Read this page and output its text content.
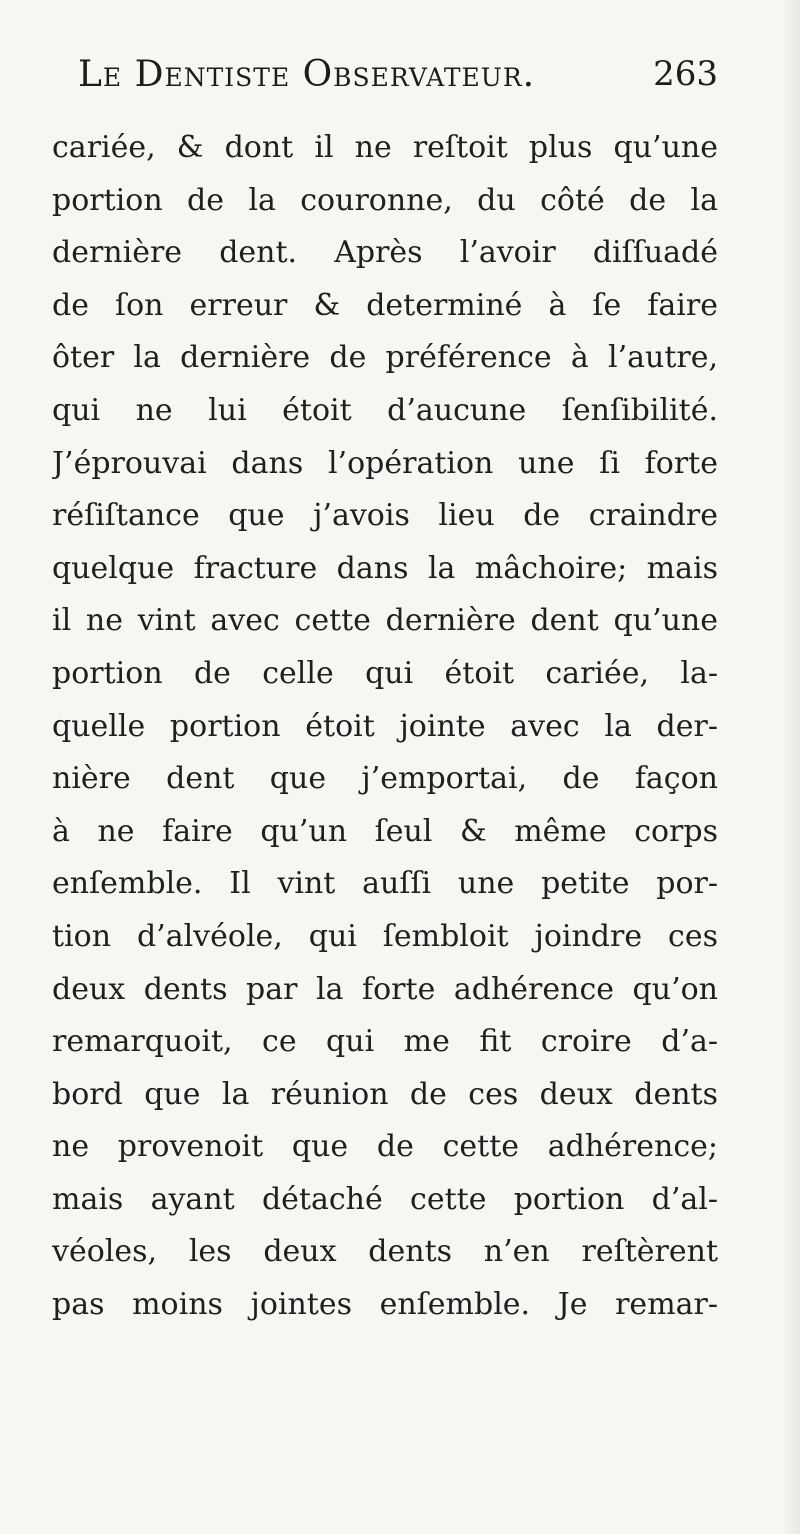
Le Dentiste Observateur.	263
cariée, & dont il ne reſtoit plus qu’une
portion de la couronne, du côté de la
dernière dent. Après l’avoir diſſuadé
de ſon erreur & determiné à ſe faire
ôter la dernière de préférence à l’autre,
qui ne lui étoit d’aucune ſenſibilité.
J’éprouvai dans l’opération une ſi forte
réſiſtance que j’avois lieu de craindre
quelque fracture dans la mâchoire; mais
il ne vint avec cette dernière dent qu’une
portion de celle qui étoit cariée, la-
quelle portion étoit jointe avec la der-
nière dent que j’emportai, de façon
à ne faire qu’un ſeul & même corps
enſemble. Il vint auſſi une petite por-
tion d’alvéole, qui ſembloit joindre ces
deux dents par la forte adhérence qu’on
remarquoit, ce qui me fit croire d’a-
bord que la réunion de ces deux dents
ne provenoit que de cette adhérence;
mais ayant détaché cette portion d’al-
véoles, les deux dents n’en reſtèrent
pas moins jointes enſemble. Je remar-
